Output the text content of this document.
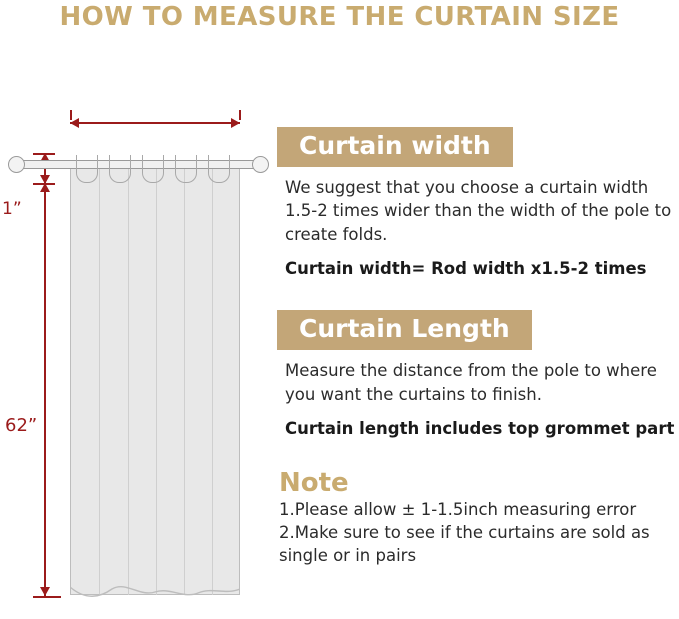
HOW TO MEASURE THE CURTAIN SIZE
1”
62”
Curtain width
We suggest that you choose a curtain width 1.5-2 times wider than the width of the pole to create folds.
Curtain width= Rod width x1.5-2 times
Curtain Length
Measure the distance from the pole to where you want the curtains to finish.
Curtain length includes top grommet part
Note
1.Please allow ± 1-1.5inch measuring error
2.Make sure to see if the curtains are sold as single or in pairs
